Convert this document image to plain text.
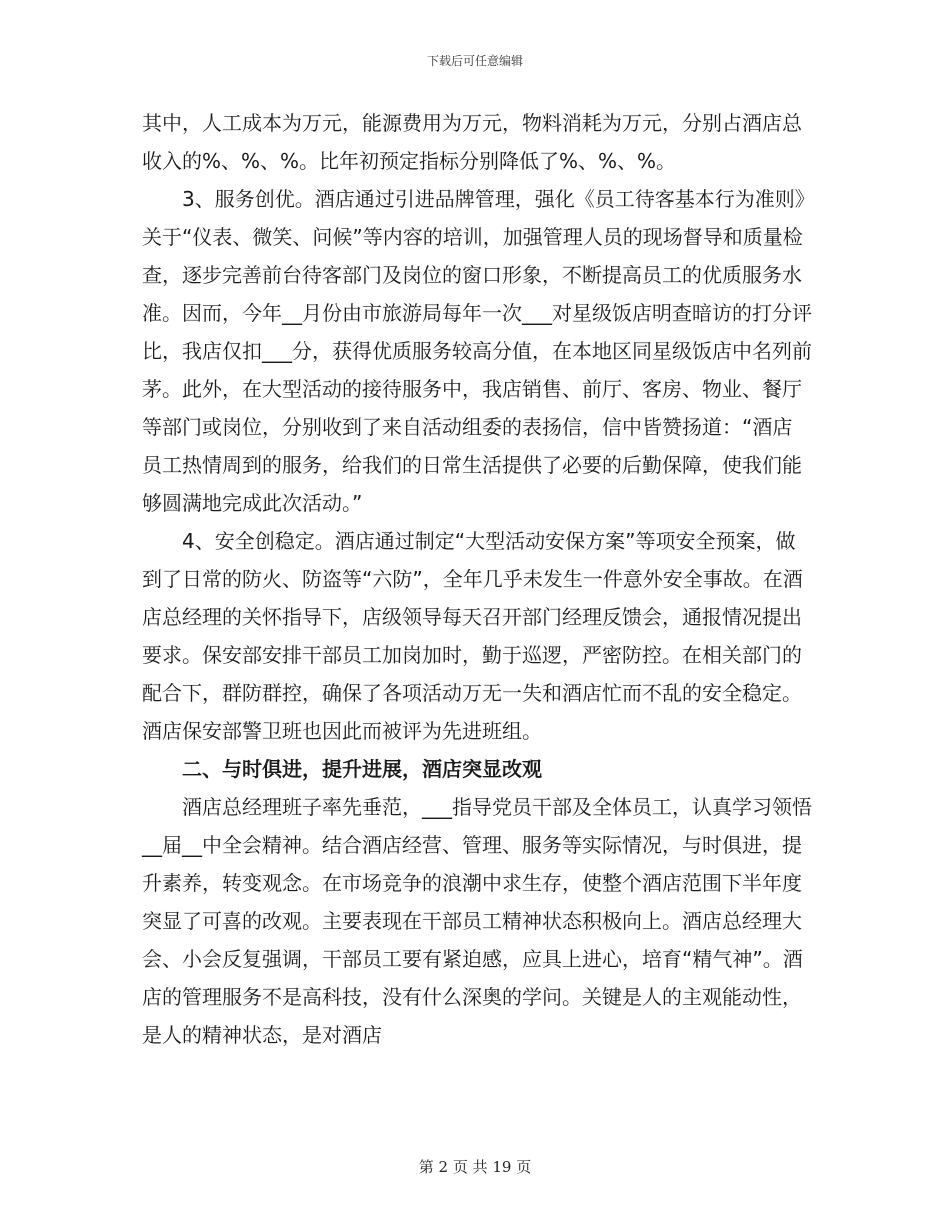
下载后可任意编辑

其中，人工成本为万元，能源费用为万元，物料消耗为万元，分别占酒店总收入的%、%、%。比年初预定指标分别降低了%、%、%。

3、服务创优。酒店通过引进品牌管理，强化《员工待客基本行为准则》关于“仪表、微笑、问候”等内容的培训，加强管理人员的现场督导和质量检查，逐步完善前台待客部门及岗位的窗口形象，不断提高员工的优质服务水准。因而，今年__月份由市旅游局每年一次___对星级饭店明查暗访的打分评比，我店仅扣___分，获得优质服务较高分值，在本地区同星级饭店中名列前茅。此外，在大型活动的接待服务中，我店销售、前厅、客房、物业、餐厅等部门或岗位，分别收到了来自活动组委的表扬信，信中皆赞扬道：“酒店员工热情周到的服务，给我们的日常生活提供了必要的后勤保障，使我们能够圆满地完成此次活动。”

4、安全创稳定。酒店通过制定“大型活动安保方案”等项安全预案，做到了日常的防火、防盗等“六防”，全年几乎未发生一件意外安全事故。在酒店总经理的关怀指导下，店级领导每天召开部门经理反馈会，通报情况提出要求。保安部安排干部员工加岗加时，勤于巡逻，严密防控。在相关部门的配合下，群防群控，确保了各项活动万无一失和酒店忙而不乱的安全稳定。酒店保安部警卫班也因此而被评为先进班组。

二、与时俱进，提升进展，酒店突显改观

酒店总经理班子率先垂范，___指导党员干部及全体员工，认真学习领悟__届__中全会精神。结合酒店经营、管理、服务等实际情况，与时俱进，提升素养，转变观念。在市场竞争的浪潮中求生存，使整个酒店范围下半年度突显了可喜的改观。主要表现在干部员工精神状态积极向上。酒店总经理大会、小会反复强调，干部员工要有紧迫感，应具上进心，培育“精气神”。酒店的管理服务不是高科技，没有什么深奥的学问。关键是人的主观能动性，是人的精神状态，是对酒店

第 2 页 共 19 页
